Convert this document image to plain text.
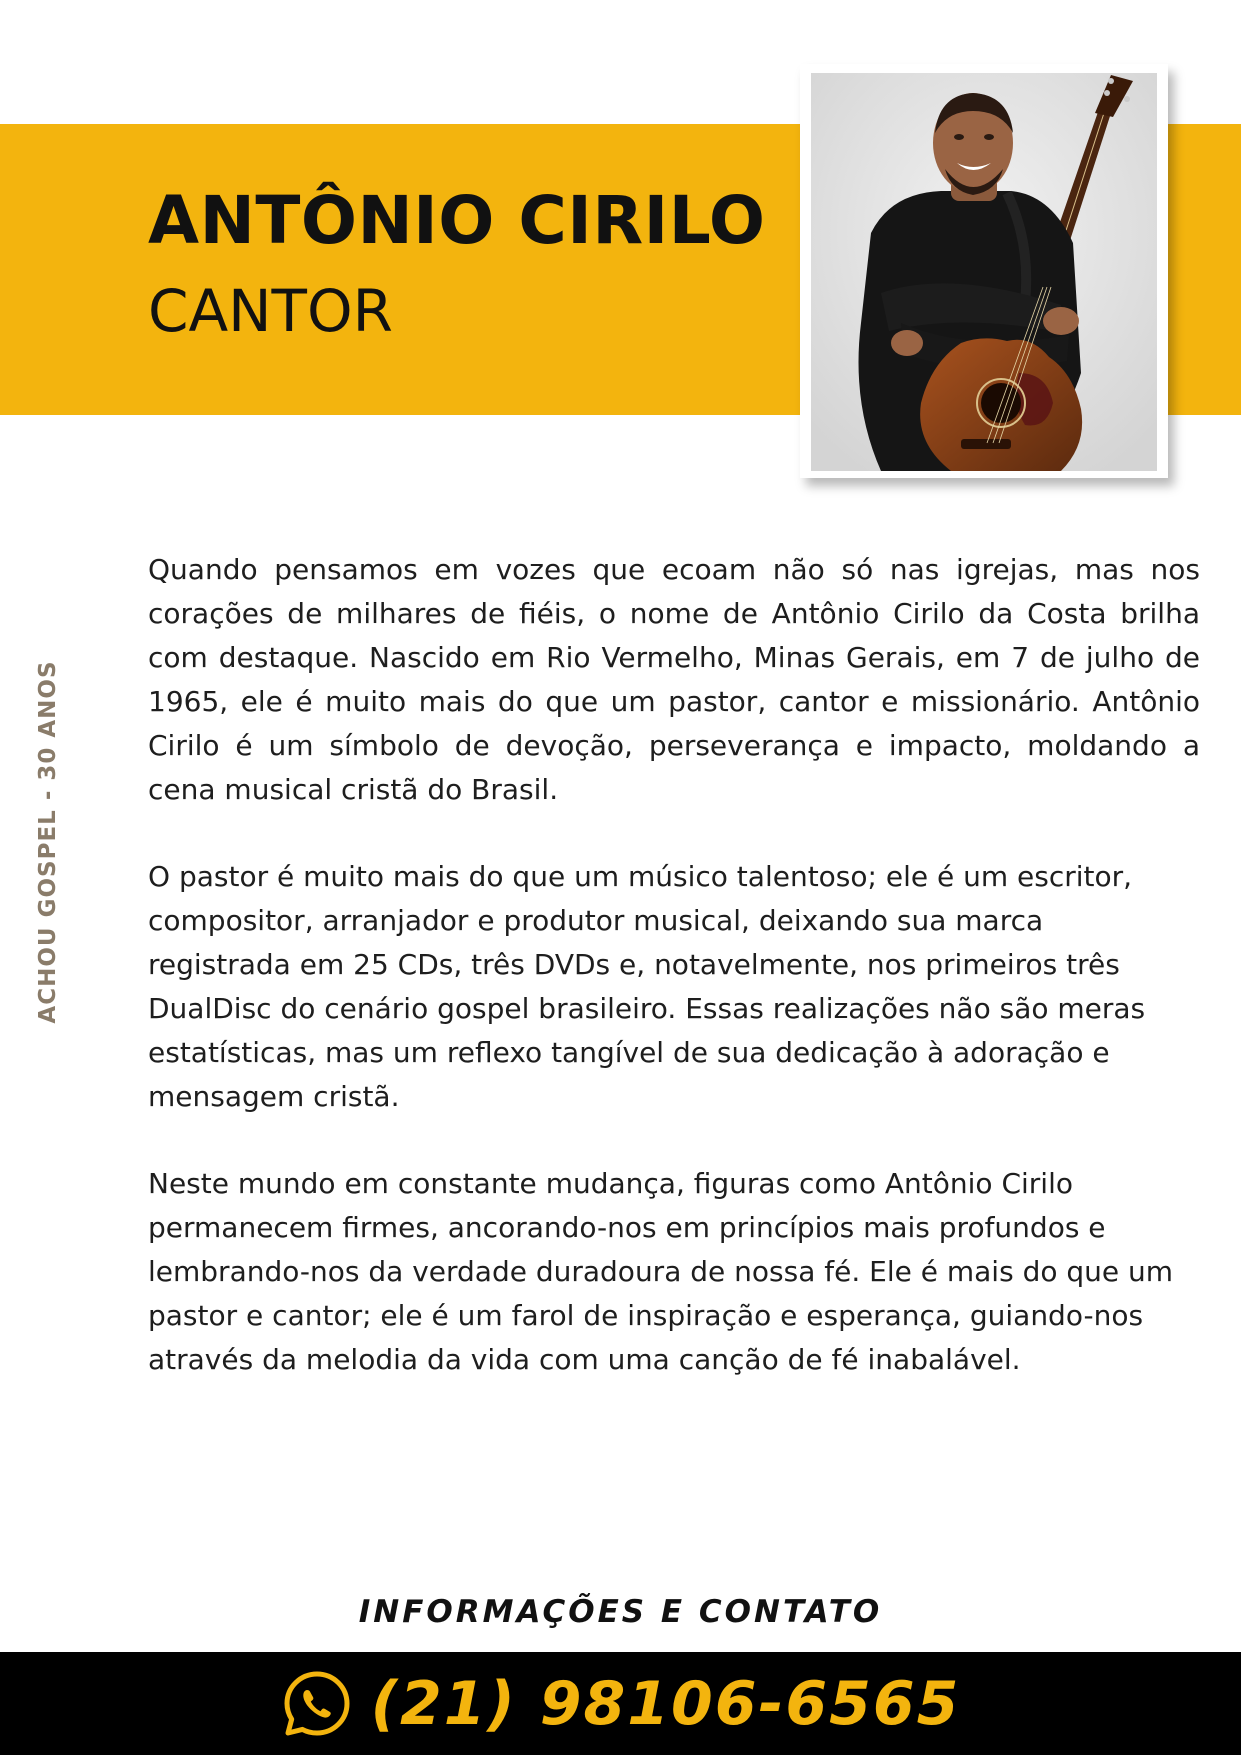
ANTÔNIO CIRILO
CANTOR
ACHOU GOSPEL - 30 ANOS

Quando pensamos em vozes que ecoam não só nas igrejas, mas nos corações de milhares de fiéis, o nome de Antônio Cirilo da Costa brilha com destaque. Nascido em Rio Vermelho, Minas Gerais, em 7 de julho de 1965, ele é muito mais do que um pastor, cantor e missionário. Antônio Cirilo é um símbolo de devoção, perseverança e impacto, moldando a cena musical cristã do Brasil.

O pastor é muito mais do que um músico talentoso; ele é um escritor, compositor, arranjador e produtor musical, deixando sua marca registrada em 25 CDs, três DVDs e, notavelmente, nos primeiros três DualDisc do cenário gospel brasileiro. Essas realizações não são meras estatísticas, mas um reflexo tangível de sua dedicação à adoração e mensagem cristã.

Neste mundo em constante mudança, figuras como Antônio Cirilo permanecem firmes, ancorando-nos em princípios mais profundos e lembrando-nos da verdade duradoura de nossa fé. Ele é mais do que um pastor e cantor; ele é um farol de inspiração e esperança, guiando-nos através da melodia da vida com uma canção de fé inabalável.

INFORMAÇÕES E CONTATO
(21) 98106-6565
